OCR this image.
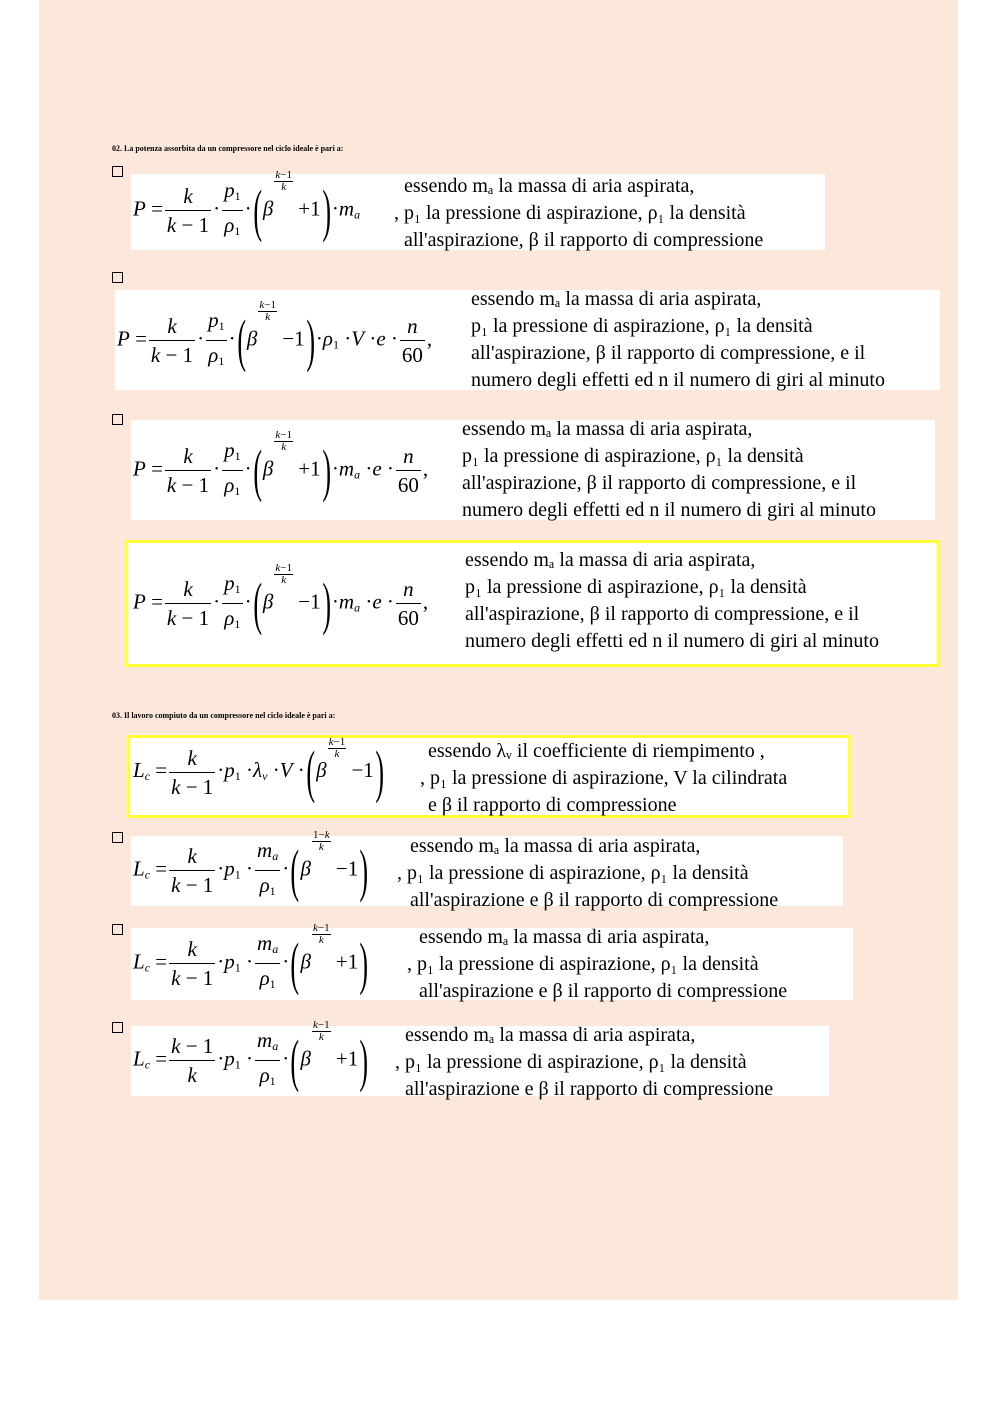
02. La potenza assorbita da un compressore nel ciclo ideale è pari a:
$P = \frac{k}{k - 1} \cdot \frac{p_1}{\rho_1} \cdot(\beta$
$\frac{k-1}{k}$
$+1)\cdot m_a$
essendo mₐ la massa di aria aspirata,
, p₁ la pressione di aspirazione, ρ₁ la densità
all'aspirazione, β il rapporto di compressione
$P = \frac{k}{k - 1} \cdot \frac{p_1}{\rho_1} \cdot(\beta$
$\frac{k-1}{k}$
$-1)\cdot\rho_1 \cdot V \cdot e \cdot \frac{n}{60}$ ,
essendo mₐ la massa di aria aspirata,
p₁ la pressione di aspirazione, ρ₁ la densità
all'aspirazione, β il rapporto di compressione, e il
numero degli effetti ed n il numero di giri al minuto
$P = \frac{k}{k - 1} \cdot \frac{p_1}{\rho_1} \cdot(\beta$
$\frac{k-1}{k}$
$+1)\cdot m_a \cdot e \cdot \frac{n}{60}$ ,
essendo mₐ la massa di aria aspirata,
p₁ la pressione di aspirazione, ρ₁ la densità
all'aspirazione, β il rapporto di compressione, e il
numero degli effetti ed n il numero di giri al minuto
$P = \frac{k}{k - 1} \cdot \frac{p_1}{\rho_1} \cdot(\beta$
$\frac{k-1}{k}$
$-1)\cdot m_a \cdot e \cdot \frac{n}{60}$ ,
essendo mₐ la massa di aria aspirata,
p₁ la pressione di aspirazione, ρ₁ la densità
all'aspirazione, β il rapporto di compressione, e il
numero degli effetti ed n il numero di giri al minuto
03. Il lavoro compiuto da un compressore nel ciclo ideale è pari a:
$L_c = \frac{k}{k - 1} \cdot p_1 \cdot\lambda_v \cdot V \cdot(\beta$
$\frac{k-1}{k}$
−1) essendo λᵥ il coefficiente di riempimento ,
, p₁ la pressione di aspirazione, V la cilindrata
e β il rapporto di compressione
$L_c = \frac{k}{k - 1} \cdot p_1 \cdot \frac{m_a}{\rho_1} \cdot(\beta$
$\frac{1-k}{k}$
−1) essendo mₐ la massa di aria aspirata,
, p₁ la pressione di aspirazione, ρ₁ la densità
all'aspirazione e β il rapporto di compressione
$L_c = \frac{k}{k - 1} \cdot p_1 \cdot \frac{m_a}{\rho_1} \cdot(\beta$
$\frac{k-1}{k}$
+1)	essendo mₐ la massa di aria aspirata,
, p₁ la pressione di aspirazione, ρ₁ la densità
all'aspirazione e β il rapporto di compressione
$L_c = \frac{k - 1}{k} \cdot p_1 \cdot \frac{m_a}{\rho_1} \cdot(\beta$
$\frac{k-1}{k}$
+1) essendo mₐ la massa di aria aspirata,
, p₁ la pressione di aspirazione, ρ₁ la densità
all'aspirazione e β il rapporto di compressione
